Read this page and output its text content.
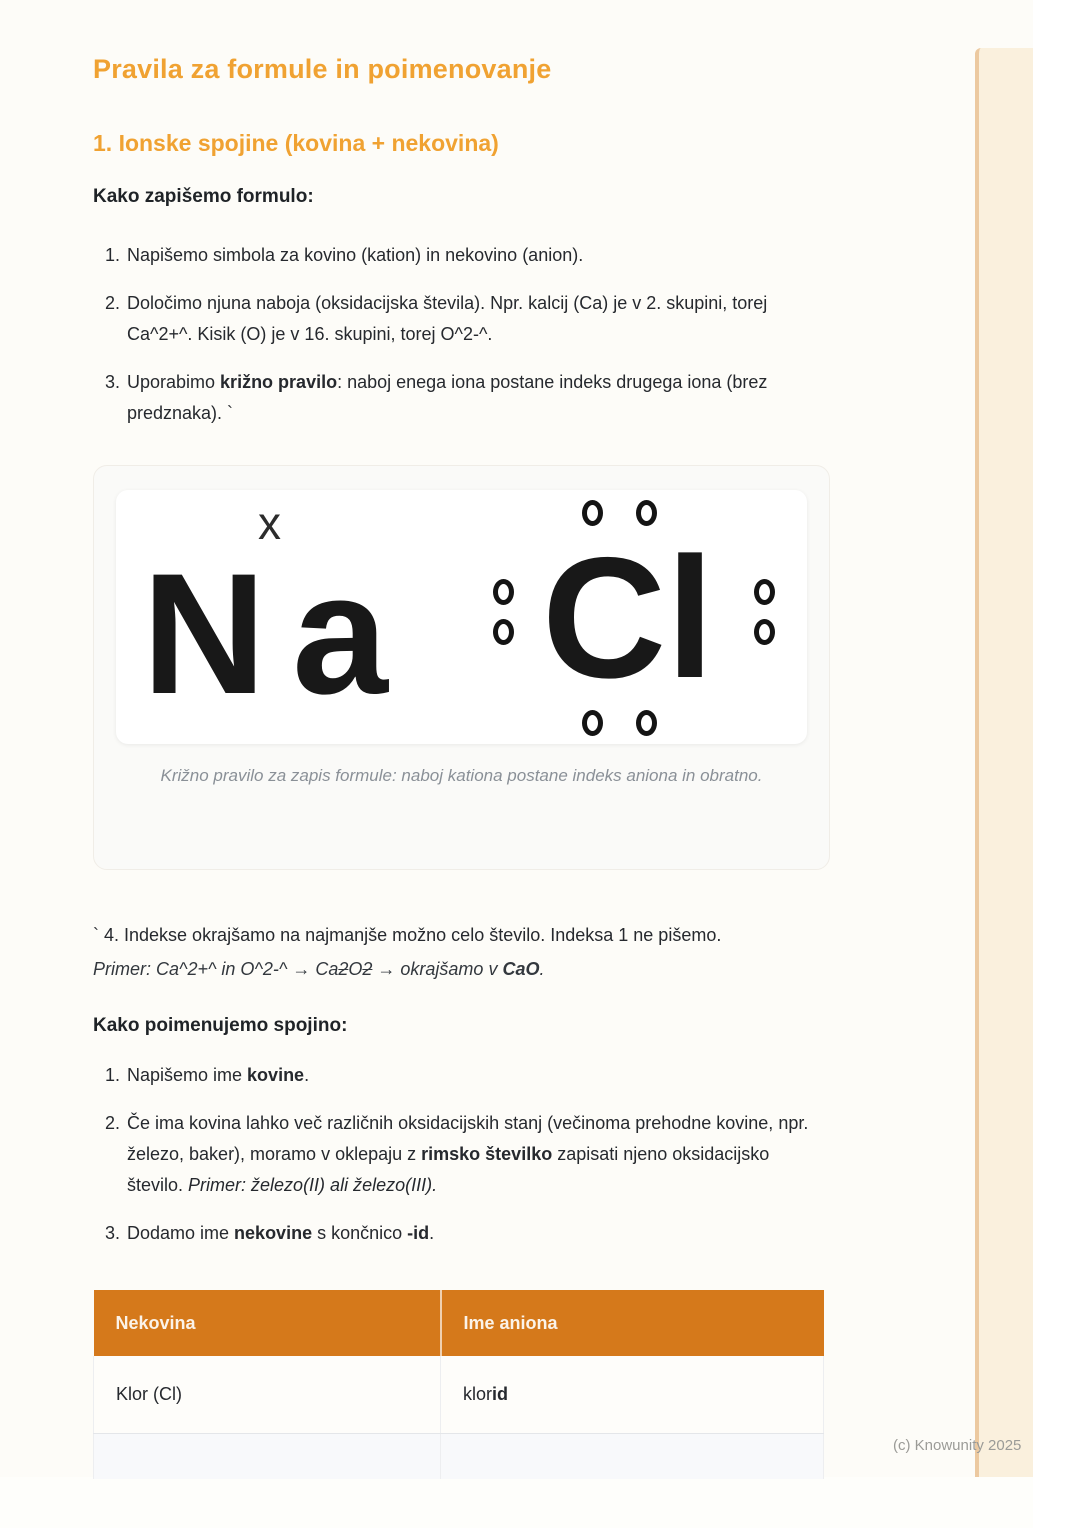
(c) Knowunity 2025
Pravila za formule in poimenovanje
1. Ionske spojine (kovina + nekovina)
Kako zapišemo formulo:
1. Napišemo simbola za kovino (kation) in nekovino (anion).
2. Določimo njuna naboja (oksidacijska števila). Npr. kalcij (Ca) je v 2. skupini, torej Ca^2+^. Kisik (O) je v 16. skupini, torej O^2-^.
3. Uporabimo križno pravilo: naboj enega iona postane indeks drugega iona (brez predznaka). `
x
Na Cl
Križno pravilo za zapis formule: naboj kationa postane indeks aniona in obratno.

` 4. Indekse okrajšamo na najmanjše možno celo število. Indeksa 1 ne pišemo.

Primer: Ca^2+^ in O^2-^ → Ca2O2 → okrajšamo v CaO.

Kako poimenujemo spojino:
1. Napišemo ime kovine.
2. Če ima kovina lahko več različnih oksidacijskih stanj (večinoma prehodne kovine, npr. železo, baker), moramo v oklepaju z rimsko številko zapisati njeno oksidacijsko število. Primer: železo(II) ali železo(III).
3. Dodamo ime nekovine s končnico -id.
Nekovina	Ime aniona
Klor (Cl)	klorid
